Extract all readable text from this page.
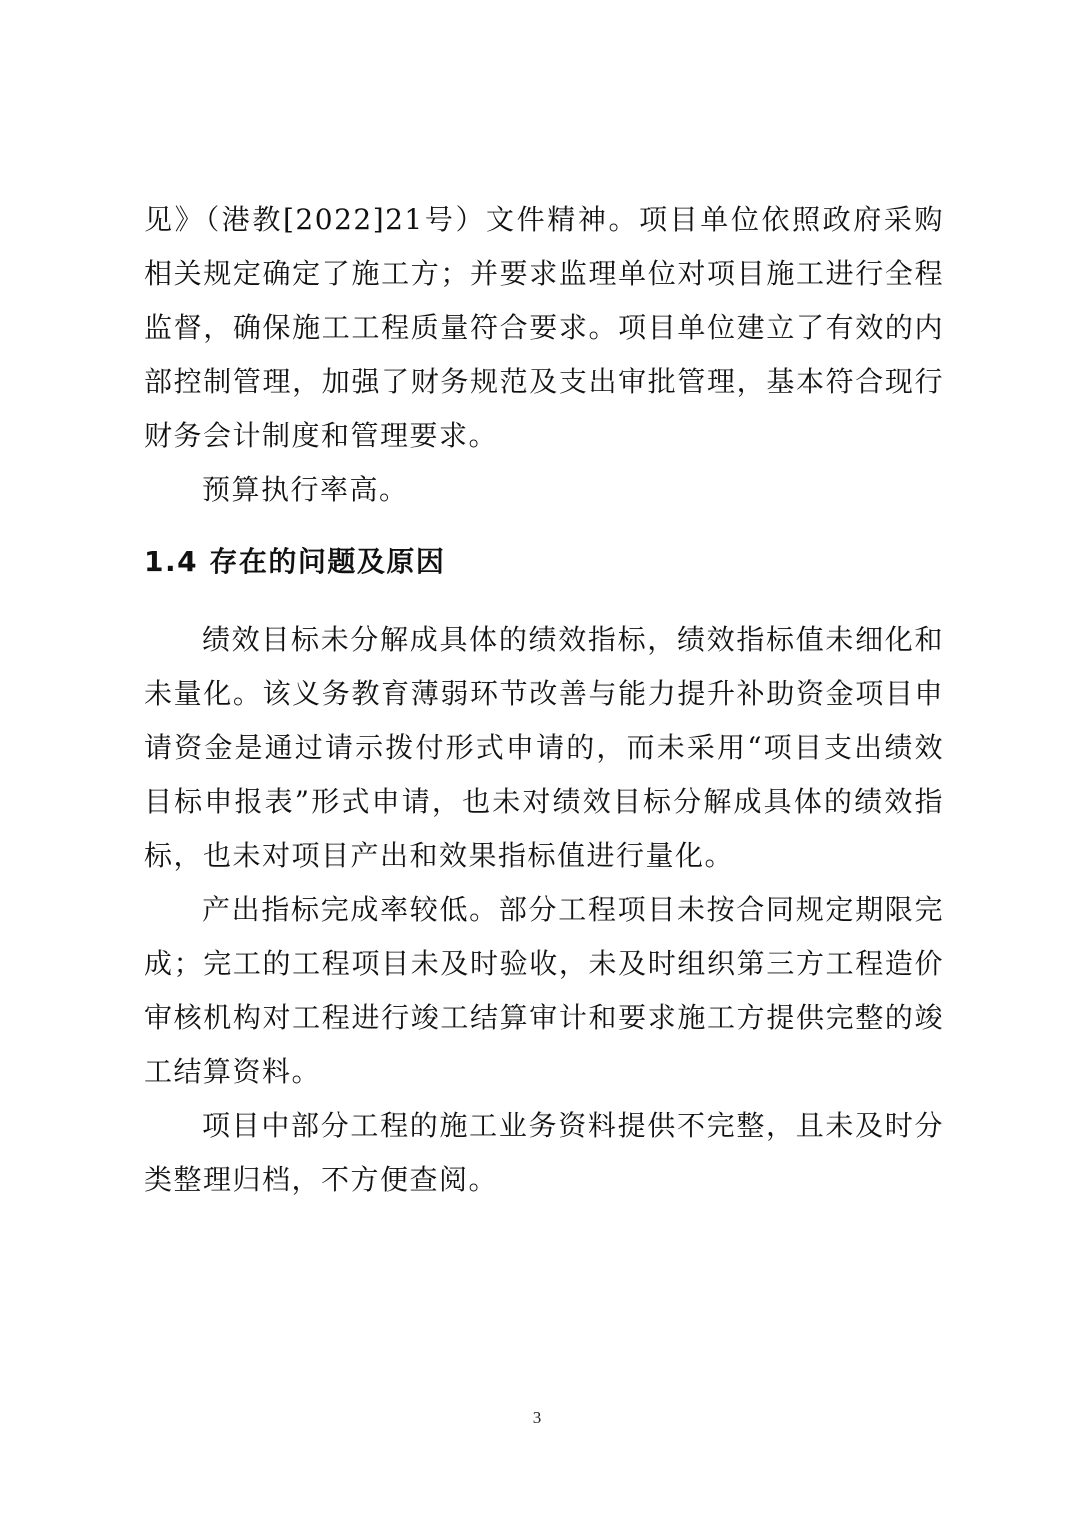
见》（港教[2022]21号）文件精神。项目单位依照政府采购相关规定确定了施工方；并要求监理单位对项目施工进行全程监督，确保施工工程质量符合要求。项目单位建立了有效的内部控制管理，加强了财务规范及支出审批管理，基本符合现行财务会计制度和管理要求。

预算执行率高。

1.4 存在的问题及原因

绩效目标未分解成具体的绩效指标，绩效指标值未细化和未量化。该义务教育薄弱环节改善与能力提升补助资金项目申请资金是通过请示拨付形式申请的，而未采用“项目支出绩效目标申报表”形式申请，也未对绩效目标分解成具体的绩效指标，也未对项目产出和效果指标值进行量化。

产出指标完成率较低。部分工程项目未按合同规定期限完成；完工的工程项目未及时验收，未及时组织第三方工程造价审核机构对工程进行竣工结算审计和要求施工方提供完整的竣工结算资料。

项目中部分工程的施工业务资料提供不完整，且未及时分类整理归档，不方便查阅。

3
